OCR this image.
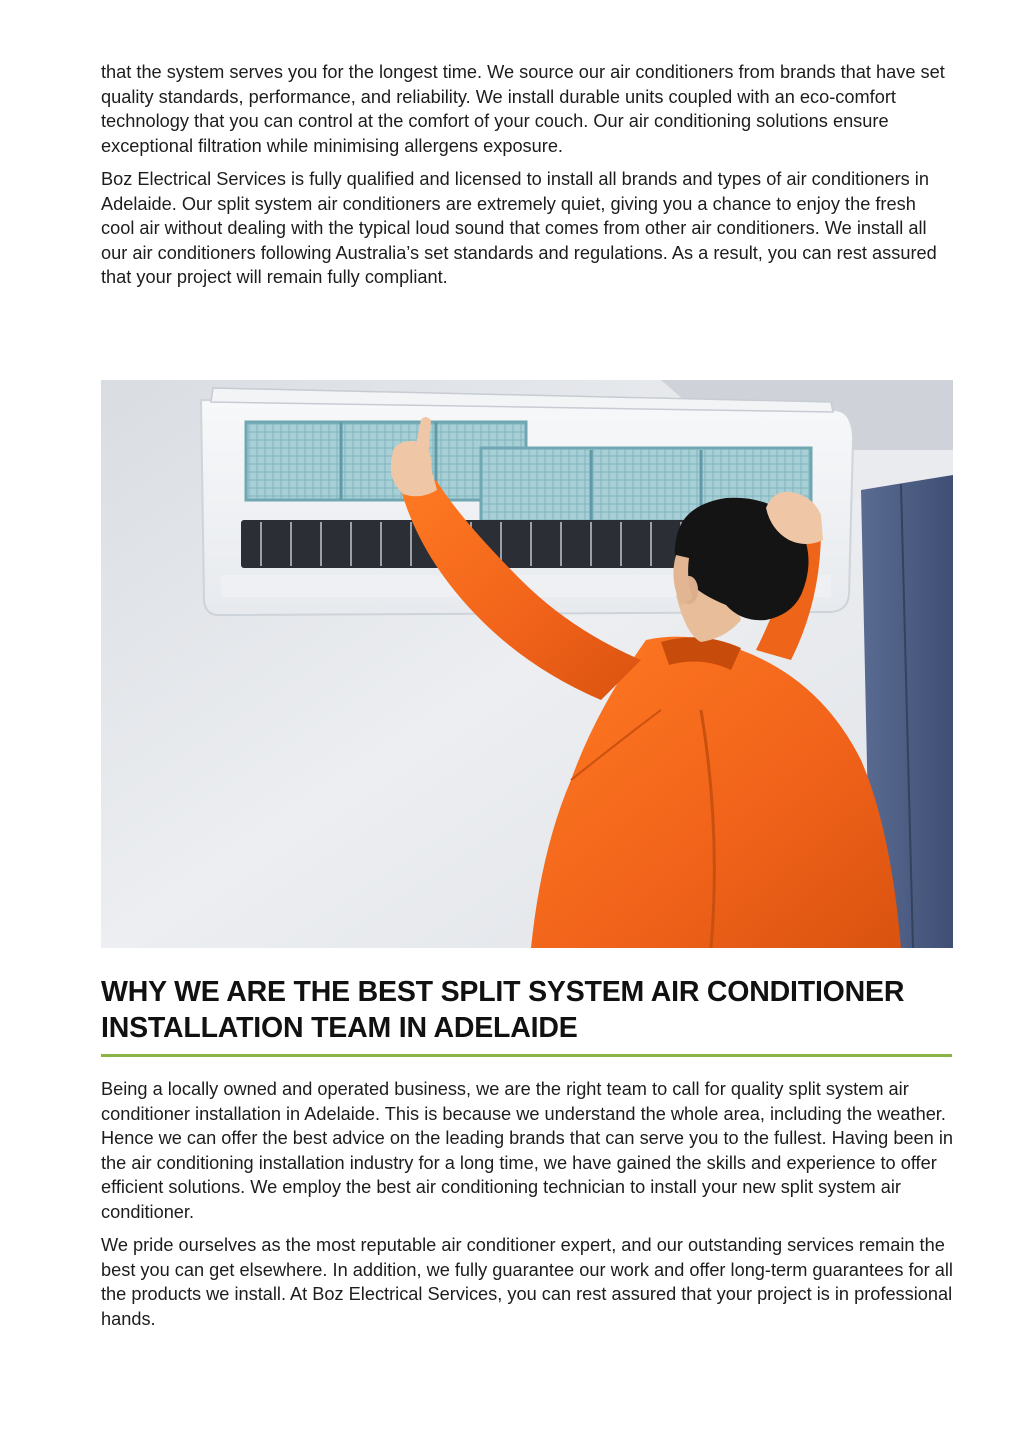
that the system serves you for the longest time. We source our air conditioners from brands that have set quality standards, performance, and reliability. We install durable units coupled with an eco-comfort technology that you can control at the comfort of your couch. Our air conditioning solutions ensure exceptional filtration while minimising allergens exposure.

Boz Electrical Services is fully qualified and licensed to install all brands and types of air conditioners in Adelaide. Our split system air conditioners are extremely quiet, giving you a chance to enjoy the fresh cool air without dealing with the typical loud sound that comes from other air conditioners. We install all our air conditioners following Australia’s set standards and regulations. As a result, you can rest assured that your project will remain fully compliant.

WHY WE ARE THE BEST SPLIT SYSTEM AIR CONDITIONER
INSTALLATION TEAM IN ADELAIDE

Being a locally owned and operated business, we are the right team to call for quality split system air conditioner installation in Adelaide. This is because we understand the whole area, including the weather. Hence we can offer the best advice on the leading brands that can serve you to the fullest. Having been in the air conditioning installation industry for a long time, we have gained the skills and experience to offer efficient solutions. We employ the best air conditioning technician to install your new split system air conditioner.

We pride ourselves as the most reputable air conditioner expert, and our outstanding services remain the best you can get elsewhere. In addition, we fully guarantee our work and offer long-term guarantees for all the products we install. At Boz Electrical Services, you can rest assured that your project is in professional hands.
